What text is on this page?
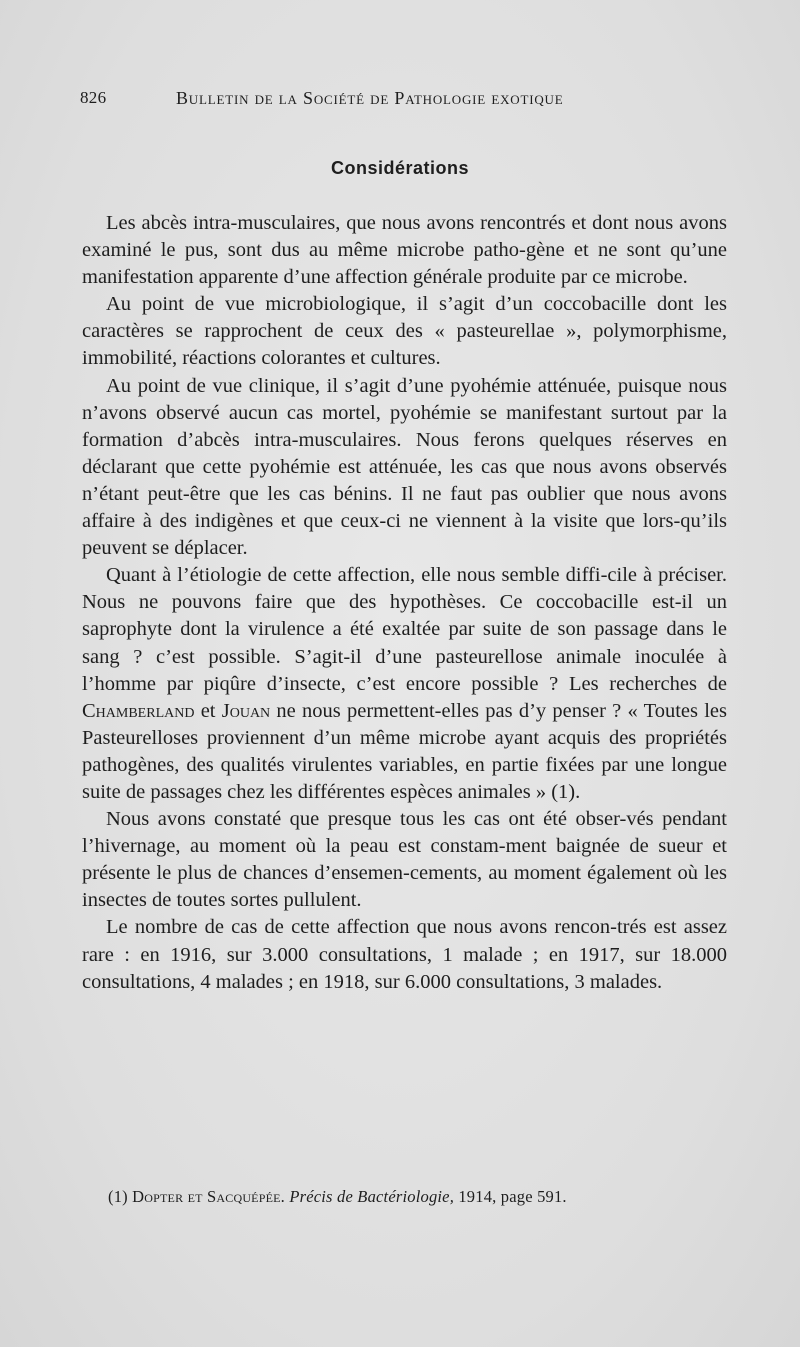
826	Bulletin de la Société de Pathologie exotique
Considérations

Les abcès intra-musculaires, que nous avons rencontrés et dont nous avons examiné le pus, sont dus au même microbe patho-gène et ne sont qu’une manifestation apparente d’une affection générale produite par ce microbe.

Au point de vue microbiologique, il s’agit d’un coccobacille dont les caractères se rapprochent de ceux des « pasteurellae », polymorphisme, immobilité, réactions colorantes et cultures.

Au point de vue clinique, il s’agit d’une pyohémie atténuée, puisque nous n’avons observé aucun cas mortel, pyohémie se manifestant surtout par la formation d’abcès intra-musculaires. Nous ferons quelques réserves en déclarant que cette pyohémie est atténuée, les cas que nous avons observés n’étant peut-être que les cas bénins. Il ne faut pas oublier que nous avons affaire à des indigènes et que ceux-ci ne viennent à la visite que lors-qu’ils peuvent se déplacer.

Quant à l’étiologie de cette affection, elle nous semble diffi-cile à préciser. Nous ne pouvons faire que des hypothèses. Ce coccobacille est-il un saprophyte dont la virulence a été exaltée par suite de son passage dans le sang ? c’est possible. S’agit-il d’une pasteurellose animale inoculée à l’homme par piqûre d’insecte, c’est encore possible ? Les recherches de Chamberland et Jouan ne nous permettent-elles pas d’y penser ? « Toutes les Pasteurelloses proviennent d’un même microbe ayant acquis des propriétés pathogènes, des qualités virulentes variables, en partie fixées par une longue suite de passages chez les différentes espèces animales » (1).

Nous avons constaté que presque tous les cas ont été obser-vés pendant l’hivernage, au moment où la peau est constam-ment baignée de sueur et présente le plus de chances d’ensemen-cements, au moment également où les insectes de toutes sortes pullulent.

Le nombre de cas de cette affection que nous avons rencon-trés est assez rare : en 1916, sur 3.000 consultations, 1 malade ; en 1917, sur 18.000 consultations, 4 malades ; en 1918, sur 6.000 consultations, 3 malades.

(1) Dopter et Sacquépée. Précis de Bactériologie, 1914, page 591.
